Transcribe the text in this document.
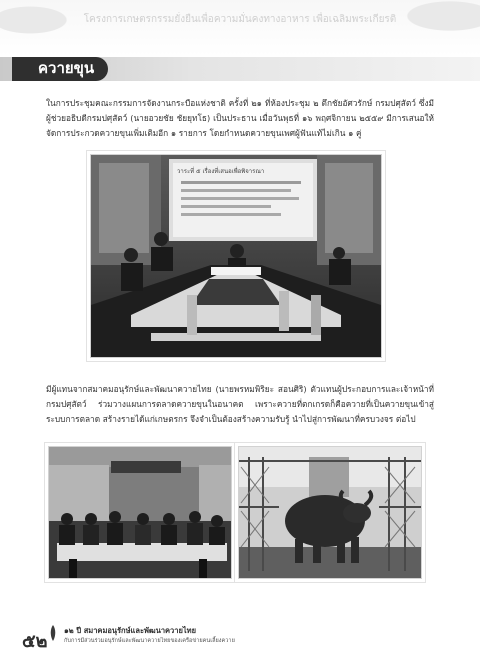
โครงการเกษตรกรรมยั่งยืนเพื่อความมั่นคงทางอาหาร เพื่อเฉลิมพระเกียรติ
ควายขุน
ในการประชุมคณะกรรมการจัดงานกระบือแห่งชาติ ครั้งที่ ๒๑ ที่ห้องประชุม ๒ ตึกชัยอัศวรักษ์ กรมปศุสัตว์ ซึ่งมีผู้ช่วยอธิบดีกรมปศุสัตว์ (นายอวยชัย ชัยยุทโธ) เป็นประธาน เมื่อวันพุธที่ ๑๖ พฤศจิกายน ๒๕๕๙ มีการเสนอให้จัดการประกวดควายขุนเพิ่มเติมอีก ๑ รายการ โดยกำหนดควายขุนเพศผู้ฟันแท้ไม่เกิน ๑ คู่
วาระที่ ๕ เรื่องที่เสนอเพื่อพิจารณา
มีผู้แทนจากสมาคมอนุรักษ์และพัฒนาควายไทย (นายพรหมพิริยะ สอนศิริ) ตัวแทนผู้ประกอบการและเจ้าหน้าที่กรมปศุสัตว์ ร่วมวางแผนการตลาดควายขุนในอนาคต เพราะควายที่ตกเกรดก็คือควายที่เป็นควายขุนเข้าสู่ระบบการตลาด สร้างรายได้แก่เกษตรกร จึงจำเป็นต้องสร้างความรับรู้ นำไปสู่การพัฒนาที่ครบวงจร ต่อไป
๕๒
๑๒ ปี สมาคมอนุรักษ์และพัฒนาควายไทย
กับการมีส่วนร่วมอนุรักษ์และพัฒนาควายไทยของเครือข่ายคนเลี้ยงควาย
